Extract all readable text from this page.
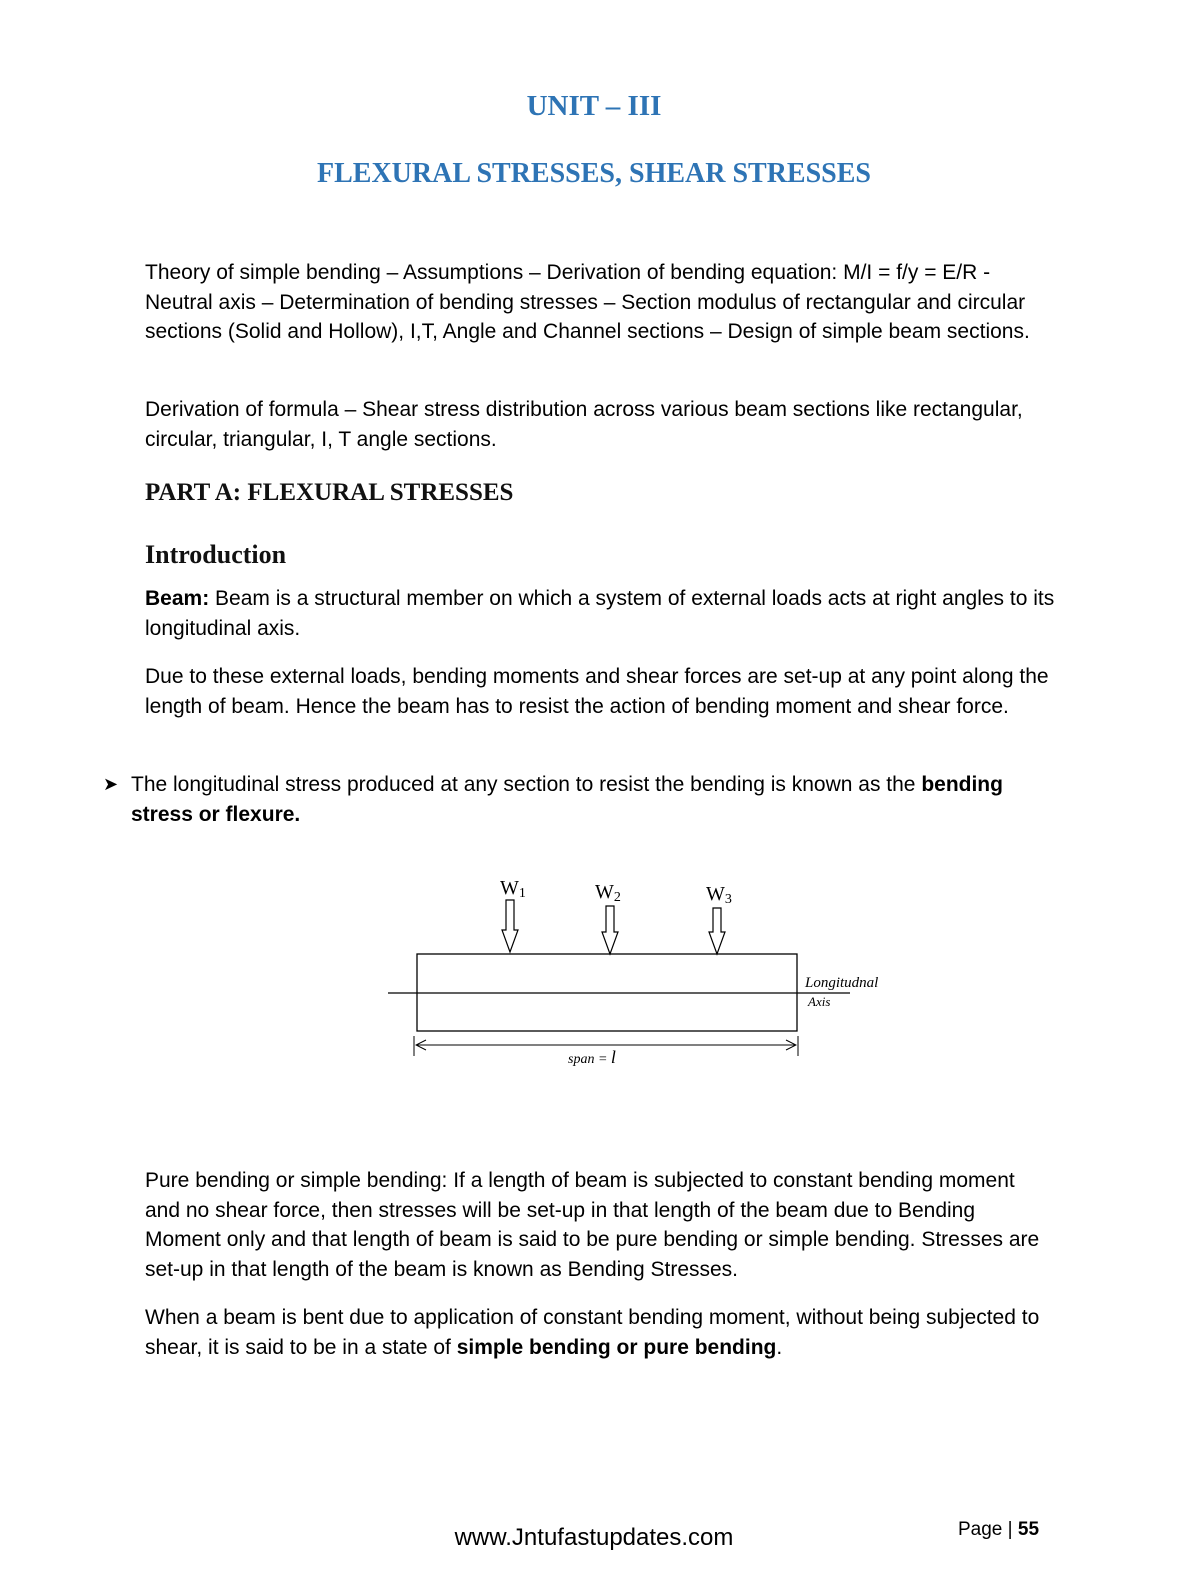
UNIT – III
FLEXURAL STRESSES, SHEAR STRESSES

Theory of simple bending – Assumptions – Derivation of bending equation: M/I = f/y = E/R - Neutral axis – Determination of bending stresses – Section modulus of rectangular and circular sections (Solid and Hollow), I,T, Angle and Channel sections – Design of simple beam sections.

Derivation of formula – Shear stress distribution across various beam sections like rectangular, circular, triangular, I, T angle sections.

PART A: FLEXURAL STRESSES
Introduction

Beam: Beam is a structural member on which a system of external loads acts at right angles to its longitudinal axis.

Due to these external loads, bending moments and shear forces are set-up at any point along the length of beam. Hence the beam has to resist the action of bending moment and shear force.

➤ The longitudinal stress produced at any section to resist the bending is known as the bending stress or flexure.
W1	W2	W3
Longitudnal
Axis
span = l

Pure bending or simple bending: If a length of beam is subjected to constant bending moment and no shear force, then stresses will be set-up in that length of the beam due to Bending Moment only and that length of beam is said to be pure bending or simple bending. Stresses are set-up in that length of the beam is known as Bending Stresses.

When a beam is bent due to application of constant bending moment, without being subjected to shear, it is said to be in a state of simple bending or pure bending.

www.Jntufastupdates.com	Page | 55
